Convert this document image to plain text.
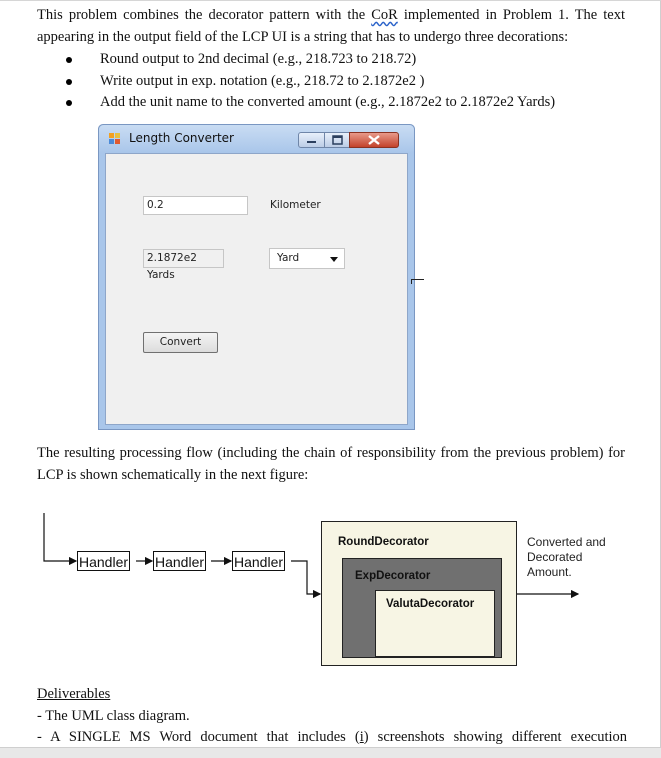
This problem combines the decorator pattern with the CoR implemented in Problem 1. The text appearing in the output field of the LCP UI is a string that has to undergo three decorations:
Round output to 2nd decimal (e.g., 218.723 to 218.72)
Write output in exp. notation (e.g., 218.72 to 2.1872e2 )
Add the unit name to the converted amount (e.g., 2.1872e2 to 2.1872e2 Yards)
Length Converter
0.2	Kilometer
2.1872e2 Yards
Yard
Convert
The resulting processing flow (including the chain of responsibility from the previous problem) for LCP is shown schematically in the next figure:
Handler Handler Handler
RoundDecorator
ExpDecorator
ValutaDecorator
Converted and Decorated Amount.
Deliverables
- The UML class diagram.
- A SINGLE MS Word document that includes (i) screenshots showing different execution
